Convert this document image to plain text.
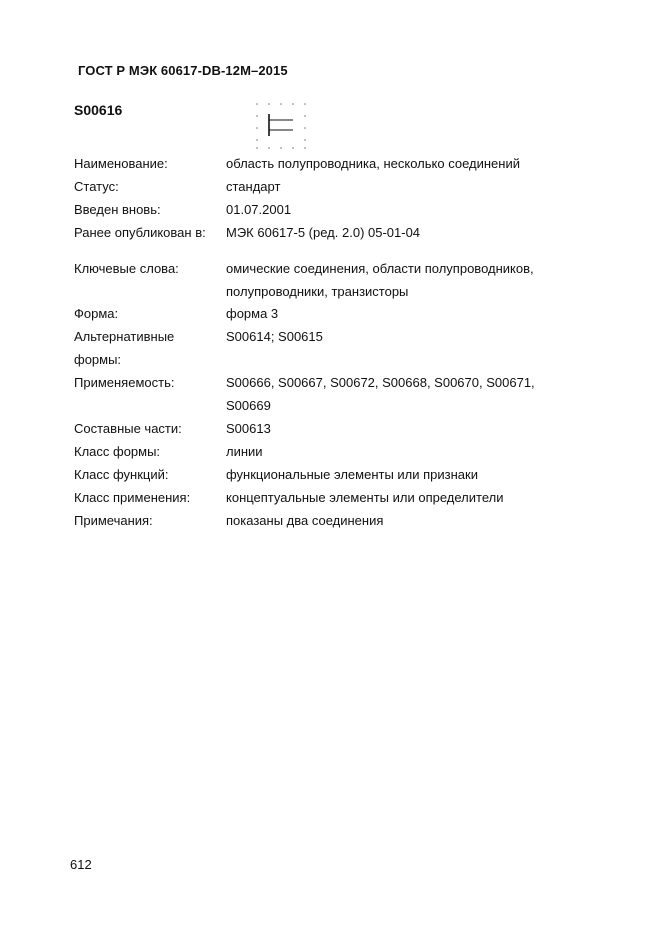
ГОСТ Р МЭК 60617-DB-12M–2015
S00616
Наименование:	область полупроводника, несколько соединений
Статус:	стандарт
Введен вновь:	01.07.2001
Ранее опубликован в: МЭК 60617-5 (ред. 2.0) 05-01-04
Ключевые слова:	омические соединения, области полупроводников,
полупроводники, транзисторы
Форма:	форма 3
Альтернативные
формы:
S00614; S00615
Применяемость:	S00666, S00667, S00672, S00668, S00670, S00671,
S00669
Составные части:	S00613
Класс формы:	линии
Класс функций:	функциональные элементы или признаки
Класс применения:	концептуальные элементы или определители
Примечания:	показаны два соединения
612
